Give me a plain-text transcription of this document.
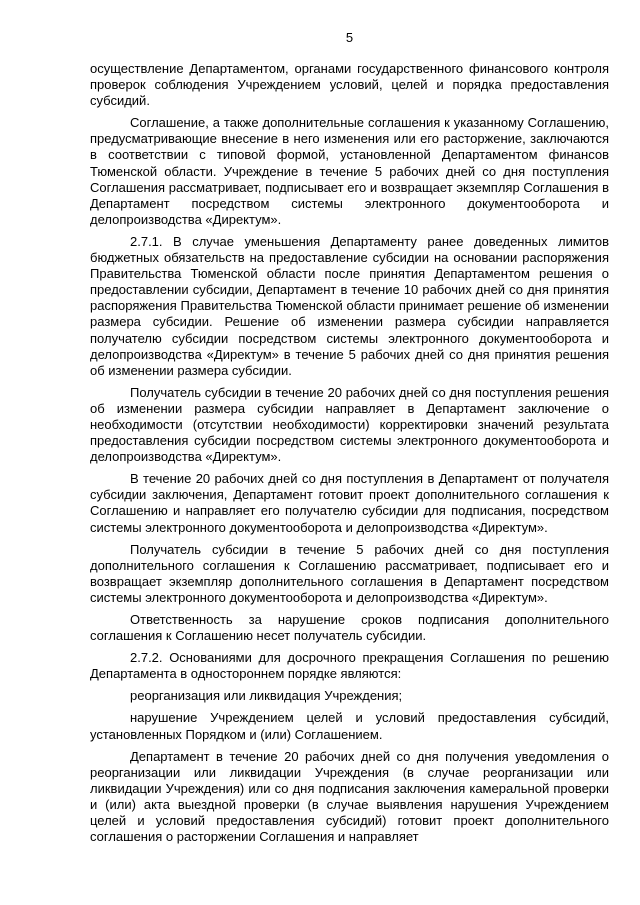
5

осуществление Департаментом, органами государственного финансового контроля проверок соблюдения Учреждением условий, целей и порядка предоставления субсидий.

Соглашение, а также дополнительные соглашения к указанному Соглашению, предусматривающие внесение в него изменения или его расторжение, заключаются в соответствии с типовой формой, установленной Департаментом финансов Тюменской области. Учреждение в течение 5 рабочих дней со дня поступления Соглашения рассматривает, подписывает его и возвращает экземпляр Соглашения в Департамент посредством системы электронного документооборота и делопроизводства «Директум».

2.7.1. В случае уменьшения Департаменту ранее доведенных лимитов бюджетных обязательств на предоставление субсидии на основании распоряжения Правительства Тюменской области после принятия Департаментом решения о предоставлении субсидии, Департамент в течение 10 рабочих дней со дня принятия распоряжения Правительства Тюменской области принимает решение об изменении размера субсидии. Решение об изменении размера субсидии направляется получателю субсидии посредством системы электронного документооборота и делопроизводства «Директум» в течение 5 рабочих дней со дня принятия решения об изменении размера субсидии.

Получатель субсидии в течение 20 рабочих дней со дня поступления решения об изменении размера субсидии направляет в Департамент заключение о необходимости (отсутствии необходимости) корректировки значений результата предоставления субсидии посредством системы электронного документооборота и делопроизводства «Директум».

В течение 20 рабочих дней со дня поступления в Департамент от получателя субсидии заключения, Департамент готовит проект дополнительного соглашения к Соглашению и направляет его получателю субсидии для подписания, посредством системы электронного документооборота и делопроизводства «Директум».

Получатель субсидии в течение 5 рабочих дней со дня поступления дополнительного соглашения к Соглашению рассматривает, подписывает его и возвращает экземпляр дополнительного соглашения в Департамент посредством системы электронного документооборота и делопроизводства «Директум».

Ответственность за нарушение сроков подписания дополнительного соглашения к Соглашению несет получатель субсидии.

2.7.2. Основаниями для досрочного прекращения Соглашения по решению Департамента в одностороннем порядке являются:

реорганизация или ликвидация Учреждения;

нарушение Учреждением целей и условий предоставления субсидий, установленных Порядком и (или) Соглашением.

Департамент в течение 20 рабочих дней со дня получения уведомления о реорганизации или ликвидации Учреждения (в случае реорганизации или ликвидации Учреждения) или со дня подписания заключения камеральной проверки и (или) акта выездной проверки (в случае выявления нарушения Учреждением целей и условий предоставления субсидий) готовит проект дополнительного соглашения о расторжении Соглашения и направляет
